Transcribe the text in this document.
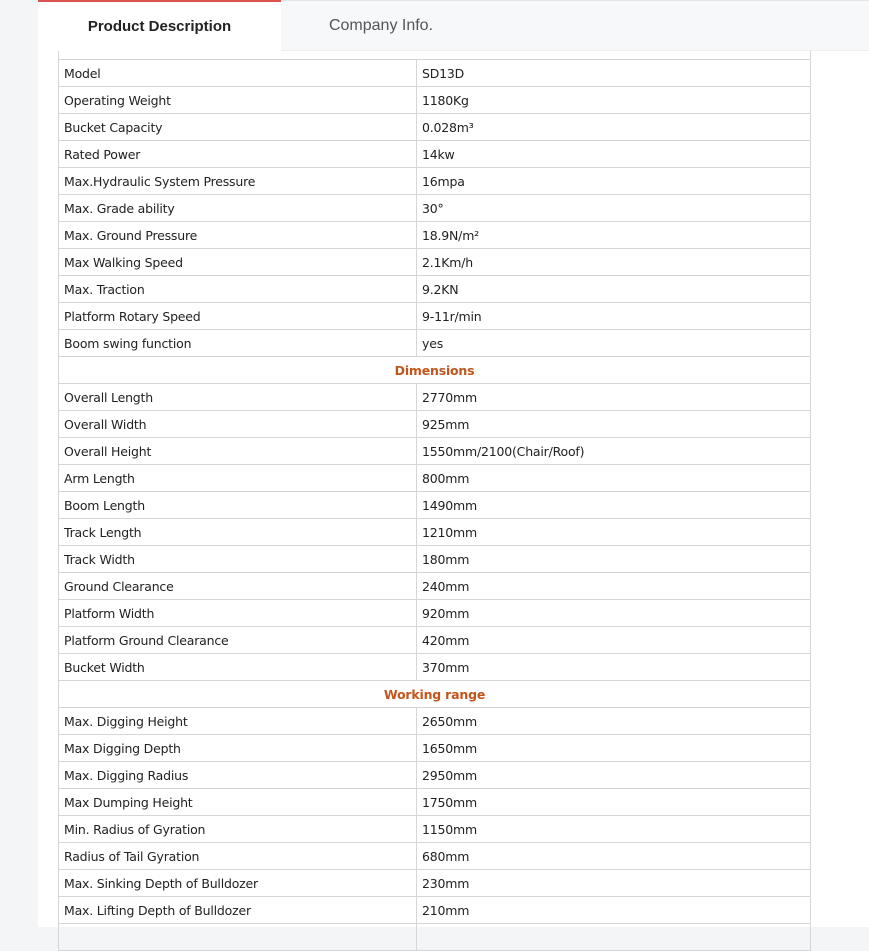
Product Description	Company Info.

Model	SD13D
Operating Weight	1180Kg
Bucket Capacity	0.028m³
Rated Power	14kw
Max.Hydraulic System Pressure	16mpa
Max. Grade ability	30°
Max. Ground Pressure	18.9N/m²
Max Walking Speed	2.1Km/h
Max. Traction	9.2KN
Platform Rotary Speed	9-11r/min
Boom swing function	yes
Dimensions	
Overall Length	2770mm
Overall Width	925mm
Overall Height	1550mm/2100(Chair/Roof)
Arm Length	800mm
Boom Length	1490mm
Track Length	1210mm
Track Width	180mm
Ground Clearance	240mm
Platform Width	920mm
Platform Ground Clearance	420mm
Bucket Width	370mm
Working range	
Max. Digging Height	2650mm
Max Digging Depth	1650mm
Max. Digging Radius	2950mm
Max Dumping Height	1750mm
Min. Radius of Gyration	1150mm
Radius of Tail Gyration	680mm
Max. Sinking Depth of Bulldozer	230mm
Max. Lifting Depth of Bulldozer	210mm
